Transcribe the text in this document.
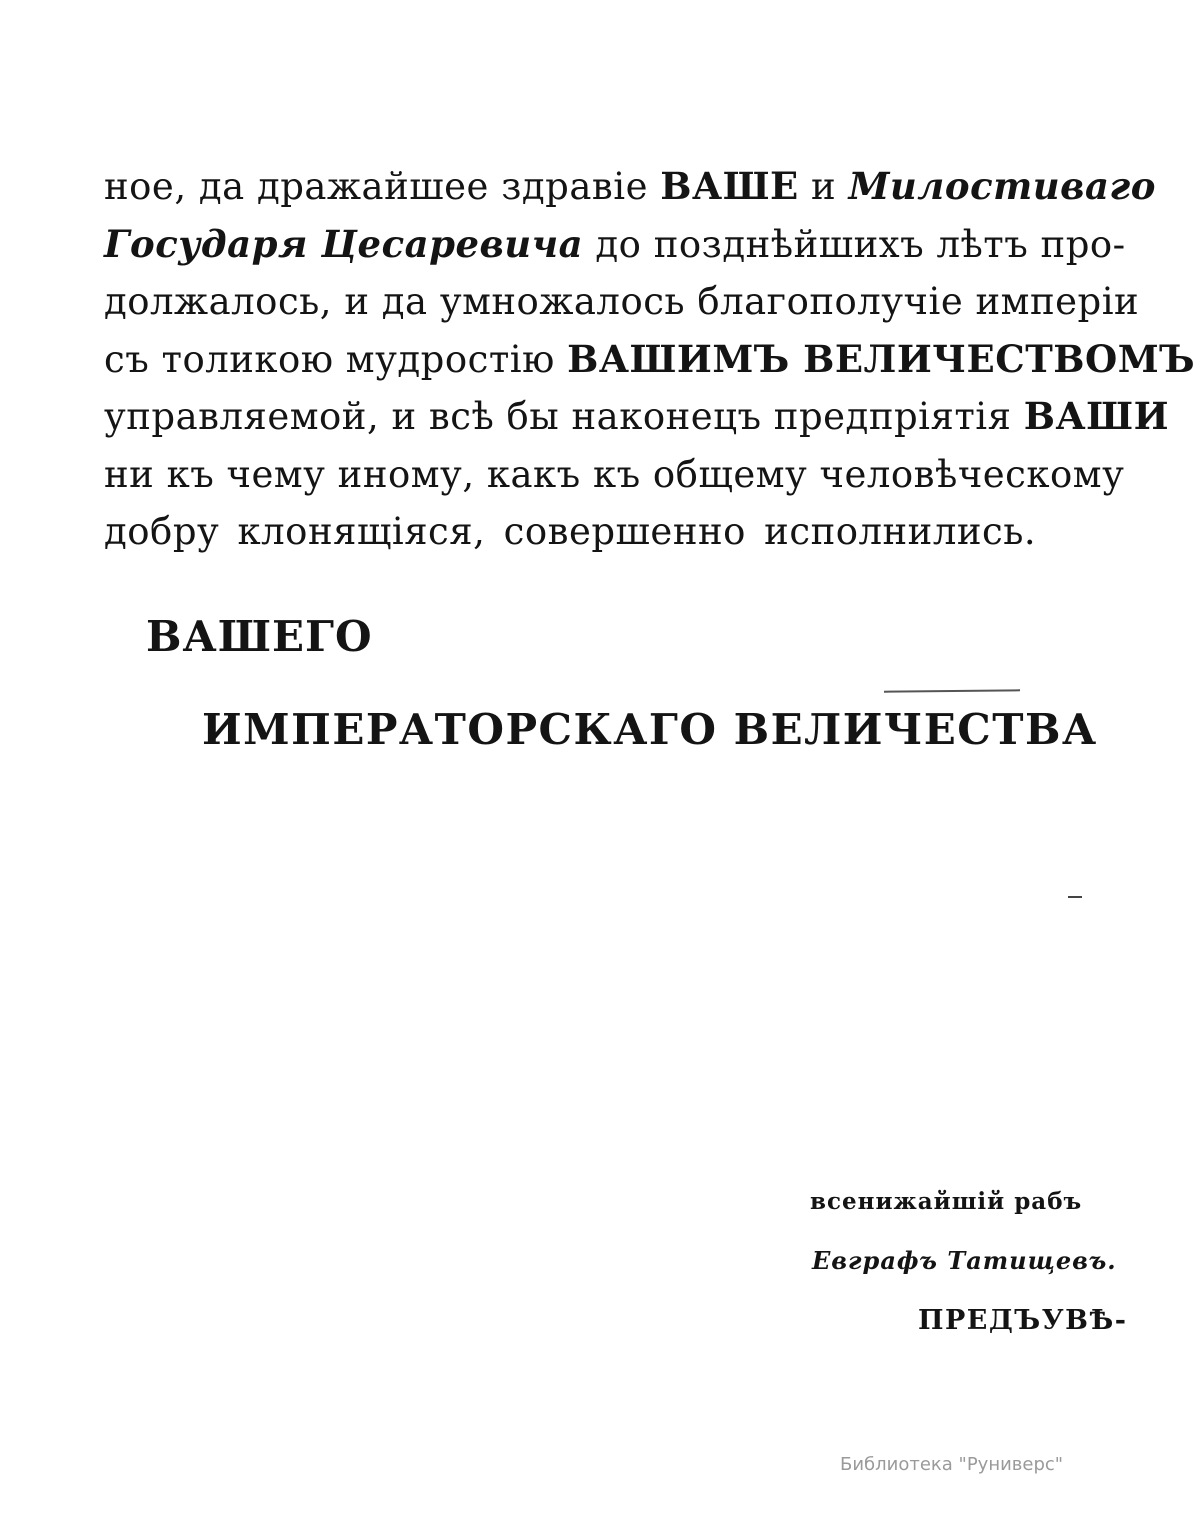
ное, да дражайшее здравіе ВАШЕ и Милостиваго
Государя Цесаревича до позднѣйшихъ лѣтъ про-
должалось, и да умножалось благополучіе имперіи
съ толикою мудростію ВАШИМЪ ВЕЛИЧЕСТВОМЪ
управляемой, и всѣ бы наконецъ предпріятія ВАШИ
ни къ чему иному, какъ къ общему человѣческому
добру клонящіяся, совершенно исполнились.
ВАШЕГО
ИМПЕРАТОРСКАГО ВЕЛИЧЕСТВА
всенижайшій рабъ
Евграфъ Татищевъ.
ПРЕДЪУВѢ-
Библиотека "Руниверс"
